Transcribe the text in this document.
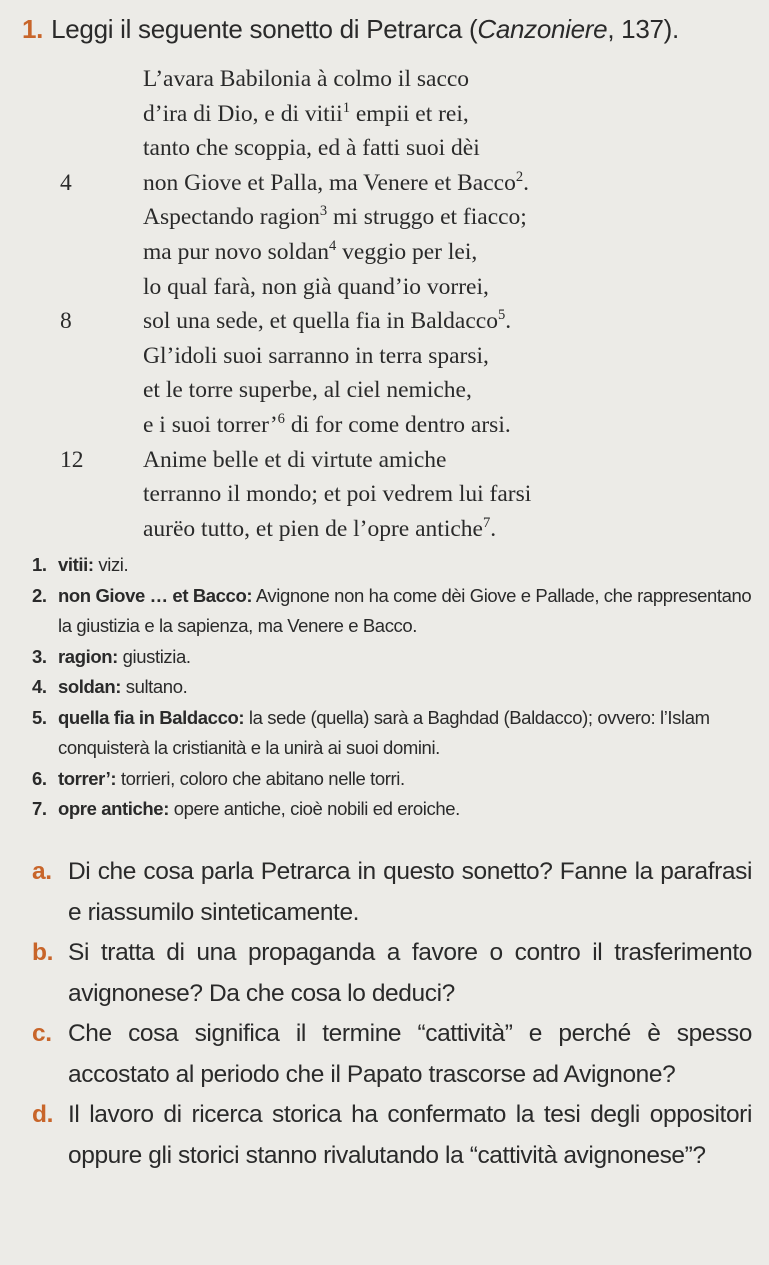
1. Leggi il seguente sonetto di Petrarca (Canzoniere, 137).
L’avara Babilonia à colmo il sacco
d’ira di Dio, e di vitii$^1$ empii et rei,
tanto che scoppia, ed à fatti suoi dèi
4	non Giove et Palla, ma Venere et Bacco$^2$.
Aspectando ragion$^3$ mi struggo et fiacco;
ma pur novo soldan$^4$ veggio per lei,
lo qual farà, non già quand’io vorrei,
8	sol una sede, et quella fia in Baldacco$^5$.
Gl’idoli suoi sarranno in terra sparsi,
et le torre superbe, al ciel nemiche,
e i suoi torrer’$^6$ di for come dentro arsi.
12	Anime belle et di virtute amiche
terranno il mondo; et poi vedrem lui farsi
aurëo tutto, et pien de l’opre antiche$^7$.
1. vitii: vizi.
2. non Giove … et Bacco: Avignone non ha come dèi Giove e Pallade, che rappresentano la giustizia e la sapienza, ma Venere e Bacco.
3. ragion: giustizia.
4. soldan: sultano.
5. quella fia in Baldacco: la sede (quella) sarà a Baghdad (Baldacco); ovvero: l’Islam conquisterà la cristianità e la unirà ai suoi domini.
6. torrer’: torrieri, coloro che abitano nelle torri.
7. opre antiche: opere antiche, cioè nobili ed eroiche.
a. Di che cosa parla Petrarca in questo sonetto? Fanne la parafrasi e riassumilo sinteticamente.
b. Si tratta di una propaganda a favore o contro il trasferimento avignonese? Da che cosa lo deduci?
c. Che cosa significa il termine “cattività” e perché è spesso accostato al periodo che il Papato trascorse ad Avignone?
d. Il lavoro di ricerca storica ha confermato la tesi degli oppositori oppure gli storici stanno rivalutando la “cattività avignonese”?
